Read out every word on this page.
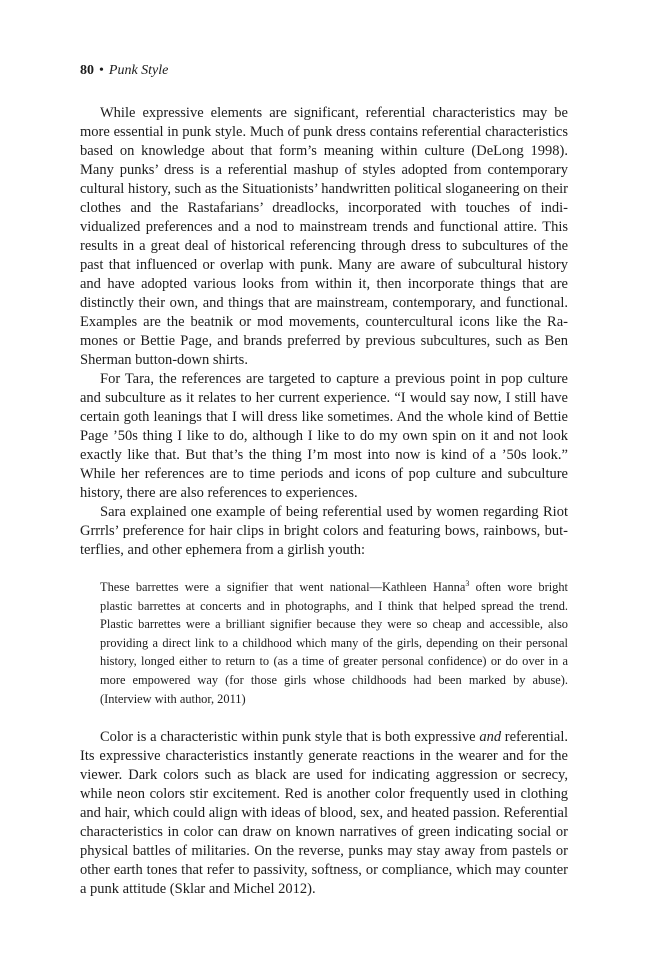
80 • Punk Style

While expressive elements are significant, referential characteristics may be more essential in punk style. Much of punk dress contains referential characteristics based on knowledge about that form’s meaning within culture (DeLong 1998). Many punks’ dress is a referential mashup of styles adopted from contemporary cultural history, such as the Situationists’ handwritten political sloganeering on their clothes and the Rastafarians’ dreadlocks, incorporated with touches of individualized preferences and a nod to mainstream trends and functional attire. This results in a great deal of historical referencing through dress to subcultures of the past that influenced or overlap with punk. Many are aware of subcultural history and have adopted various looks from within it, then incorporate things that are distinctly their own, and things that are mainstream, contemporary, and functional. Examples are the beatnik or mod movements, countercultural icons like the Ramones or Bettie Page, and brands preferred by previous subcultures, such as Ben Sherman button-down shirts.

For Tara, the references are targeted to capture a previous point in pop culture and subculture as it relates to her current experience. “I would say now, I still have certain goth leanings that I will dress like sometimes. And the whole kind of Bettie Page ’50s thing I like to do, although I like to do my own spin on it and not look exactly like that. But that’s the thing I’m most into now is kind of a ’50s look.” While her references are to time periods and icons of pop culture and subculture history, there are also references to experiences.

Sara explained one example of being referential used by women regarding Riot Grrrls’ preference for hair clips in bright colors and featuring bows, rainbows, butterflies, and other ephemera from a girlish youth:

These barrettes were a signifier that went national—Kathleen Hanna$^3$ often wore bright plastic barrettes at concerts and in photographs, and I think that helped spread the trend. Plastic barrettes were a brilliant signifier because they were so cheap and accessible, also providing a direct link to a childhood which many of the girls, depending on their personal history, longed either to return to (as a time of greater personal confidence) or do over in a more empowered way (for those girls whose childhoods had been marked by abuse). (Interview with author, 2011)

Color is a characteristic within punk style that is both expressive and referential. Its expressive characteristics instantly generate reactions in the wearer and for the viewer. Dark colors such as black are used for indicating aggression or secrecy, while neon colors stir excitement. Red is another color frequently used in clothing and hair, which could align with ideas of blood, sex, and heated passion. Referential characteristics in color can draw on known narratives of green indicating social or physical battles of militaries. On the reverse, punks may stay away from pastels or other earth tones that refer to passivity, softness, or compliance, which may counter a punk attitude (Sklar and Michel 2012).
